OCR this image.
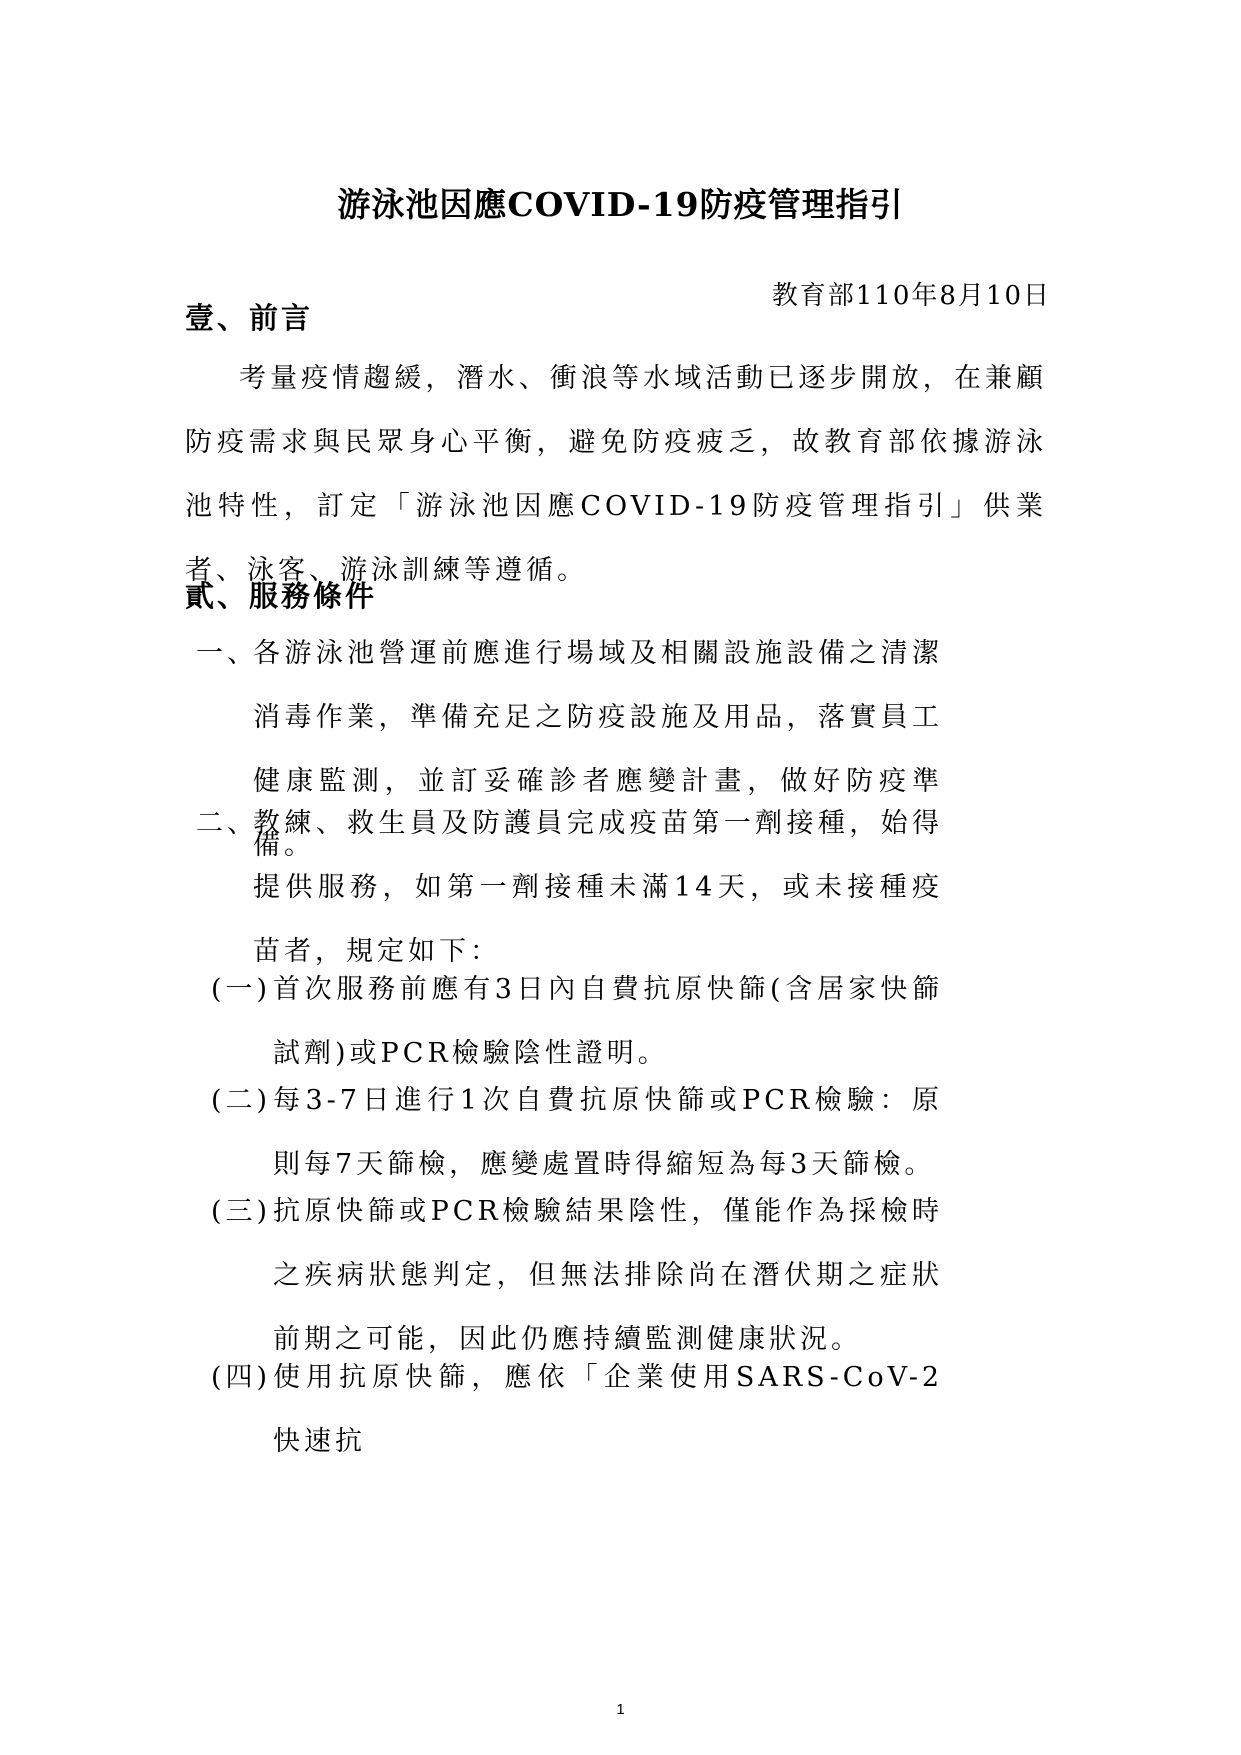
游泳池因應COVID-19防疫管理指引
教育部110年8月10日
壹、前言
考量疫情趨緩，潛水、衝浪等水域活動已逐步開放，在兼顧防疫需求與民眾身心平衡，避免防疫疲乏，故教育部依據游泳池特性，訂定「游泳池因應COVID-19防疫管理指引」供業者、泳客、游泳訓練等遵循。
貳、服務條件
一、
各游泳池營運前應進行場域及相關設施設備之清潔消毒作業，準備充足之防疫設施及用品，落實員工健康監測，並訂妥確診者應變計畫，做好防疫準備。
二、
教練、救生員及防護員完成疫苗第一劑接種，始得提供服務，如第一劑接種未滿14天，或未接種疫苗者，規定如下：
(一) 首次服務前應有3日內自費抗原快篩(含居家快篩試劑)或PCR檢驗陰性證明。
(二) 每3-7日進行1次自費抗原快篩或PCR檢驗：原則每7天篩檢，應變處置時得縮短為每3天篩檢。
(三) 抗原快篩或PCR檢驗結果陰性，僅能作為採檢時之疾病狀態判定，但無法排除尚在潛伏期之症狀前期之可能，因此仍應持續監測健康狀況。
(四) 使用抗原快篩，應依「企業使用SARS-CoV-2快速抗
1
